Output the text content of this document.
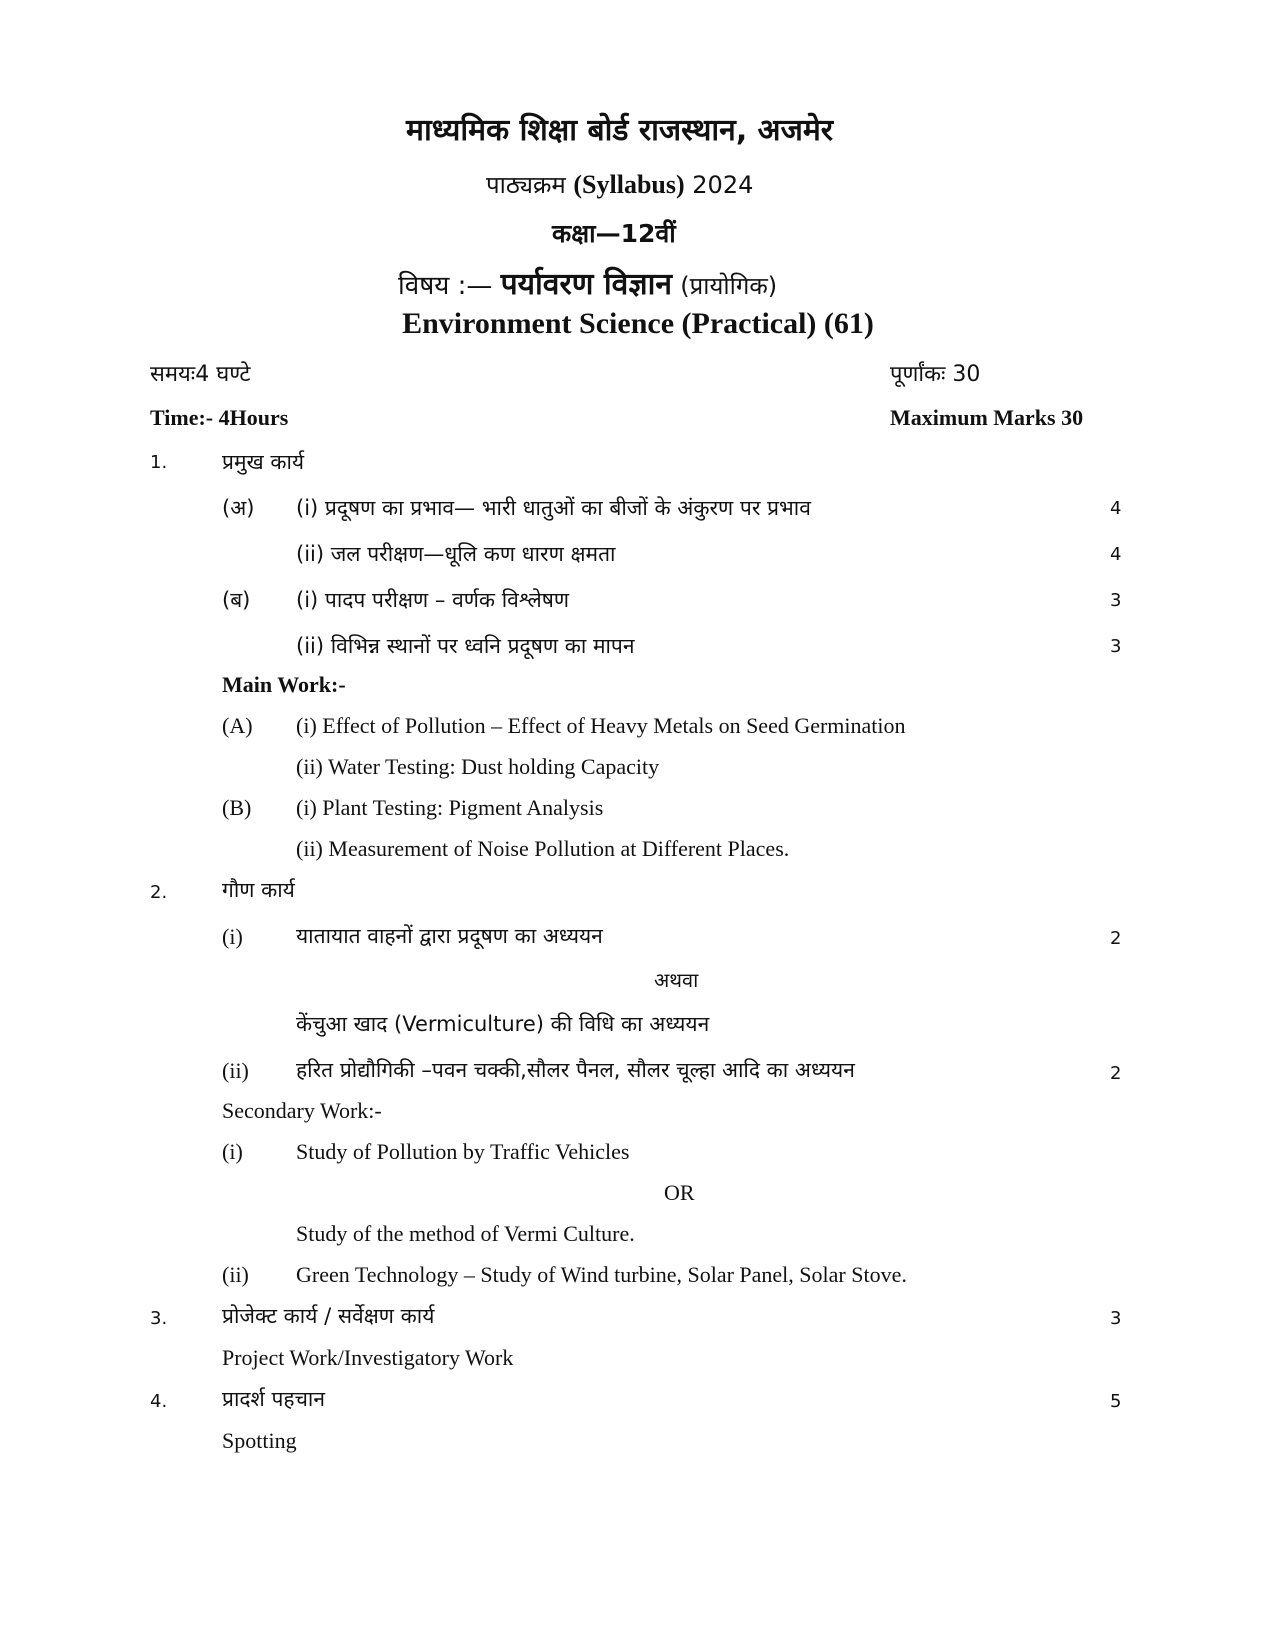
माध्यमिक शिक्षा बोर्ड राजस्थान, अजमेर
पाठ्यक्रम (Syllabus) 2024
कक्षा—12वीं
विषय :— पर्यावरण विज्ञान (प्रायोगिक)
Environment Science (Practical) (61)
समयः4 घण्टे	पूर्णांकः 30
Time:- 4Hours	Maximum Marks 30
1.	प्रमुख कार्य
(अ) (i) प्रदूषण का प्रभाव— भारी धातुओं का बीजों के अंकुरण पर प्रभाव	4
(ii) जल परीक्षण—धूलि कण धारण क्षमता	4
(ब) (i) पादप परीक्षण – वर्णक विश्लेषण	3
(ii) विभिन्न स्थानों पर ध्वनि प्रदूषण का मापन	3
Main Work:-
(A) (i) Effect of Pollution – Effect of Heavy Metals on Seed Germination
(ii) Water Testing: Dust holding Capacity
(B) (i) Plant Testing: Pigment Analysis
(ii) Measurement of Noise Pollution at Different Places.
2.	गौण कार्य
(i)	यातायात वाहनों द्वारा प्रदूषण का अध्ययन	2
अथवा
केंचुआ खाद (Vermiculture) की विधि का अध्ययन
(ii) हरित प्रोद्यौगिकी –पवन चक्की,सौलर पैनल, सौलर चूल्हा आदि का अध्ययन	2
Secondary Work:-
(i) Study of Pollution by Traffic Vehicles
OR
Study of the method of Vermi Culture.
(ii) Green Technology – Study of Wind turbine, Solar Panel, Solar Stove.
3.	प्रोजेक्ट कार्य / सर्वेक्षण कार्य	3
Project Work/Investigatory Work
4.	प्रादर्श पहचान	5
Spotting
